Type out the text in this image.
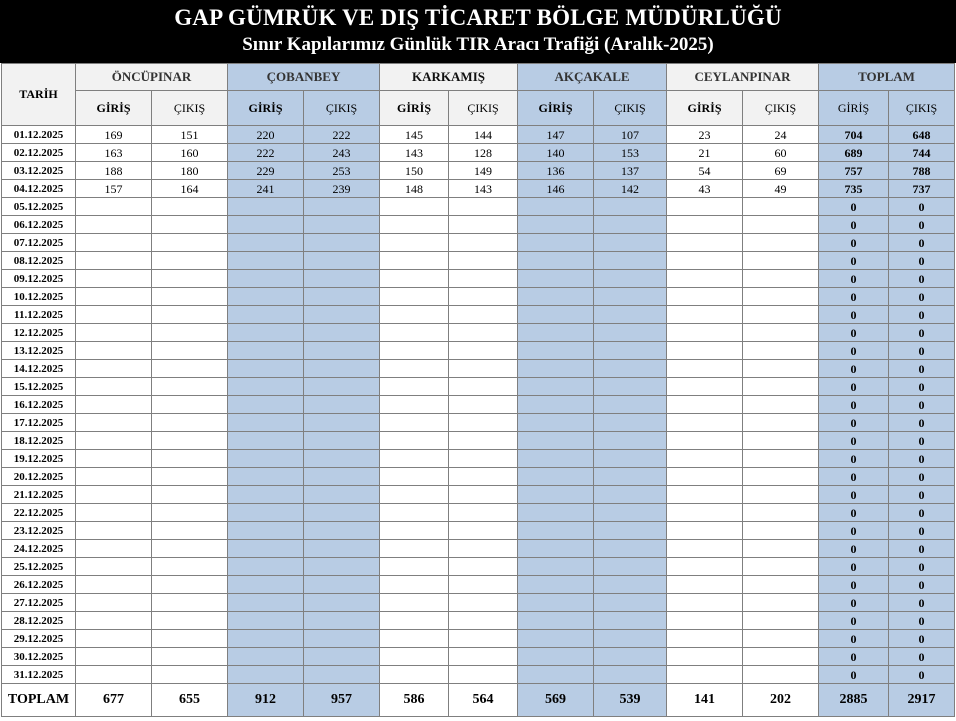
GAP GÜMRÜK VE DIŞ TİCARET BÖLGE MÜDÜRLÜĞÜ
Sınır Kapılarımız Günlük TIR Aracı Trafiği (Aralık-2025)
TARİH	ÖNCÜPINAR		ÇOBANBEY		KARKAMIŞ		AKÇAKALE		CEYLANPINAR		TOPLAM	
	GİRİŞ	ÇIKIŞ	GİRİŞ	ÇIKIŞ	GİRİŞ	ÇIKIŞ	GİRİŞ	ÇIKIŞ	GİRİŞ	ÇIKIŞ	GİRİŞ	ÇIKIŞ
01.12.2025	169	151	220	222	145	144	147	107	23	24	704	648
02.12.2025	163	160	222	243	143	128	140	153	21	60	689	744
03.12.2025	188	180	229	253	150	149	136	137	54	69	757	788
04.12.2025	157	164	241	239	148	143	146	142	43	49	735	737
05.12.2025											0	0
06.12.2025											0	0
07.12.2025											0	0
08.12.2025											0	0
09.12.2025											0	0
10.12.2025											0	0
11.12.2025											0	0
12.12.2025											0	0
13.12.2025											0	0
14.12.2025											0	0
15.12.2025											0	0
16.12.2025											0	0
17.12.2025											0	0
18.12.2025											0	0
19.12.2025											0	0
20.12.2025											0	0
21.12.2025											0	0
22.12.2025											0	0
23.12.2025											0	0
24.12.2025											0	0
25.12.2025											0	0
26.12.2025											0	0
27.12.2025											0	0
28.12.2025											0	0
29.12.2025											0	0
30.12.2025											0	0
31.12.2025											0	0
TOPLAM	677	655	912	957	586	564	569	539	141	202	2885	2917
